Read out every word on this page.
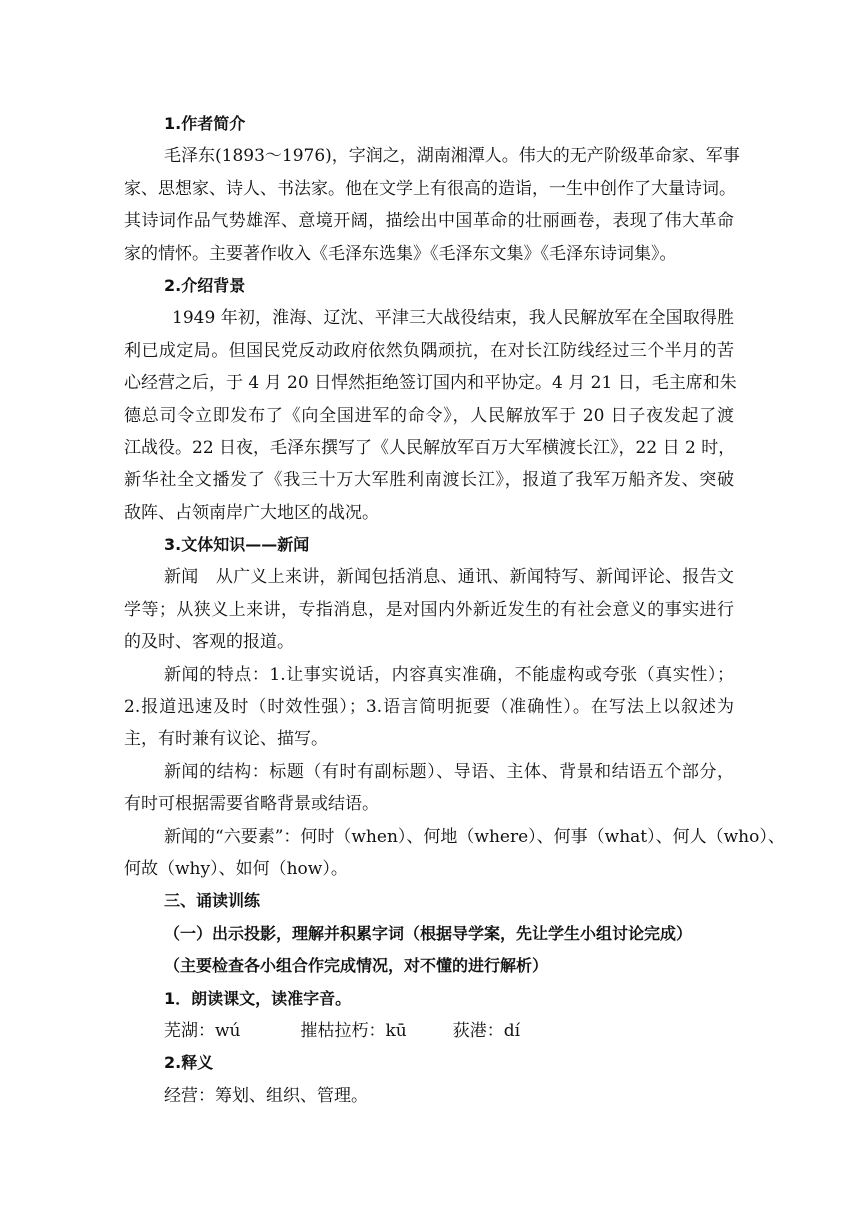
1.作者简介
毛泽东(1893～1976)，字润之，湖南湘潭人。伟大的无产阶级革命家、军事
家、思想家、诗人、书法家。他在文学上有很高的造诣，一生中创作了大量诗词。
其诗词作品气势雄浑、意境开阔，描绘出中国革命的壮丽画卷，表现了伟大革命
家的情怀。主要著作收入《毛泽东选集》《毛泽东文集》《毛泽东诗词集》。
2.介绍背景
1949 年初，淮海、辽沈、平津三大战役结束，我人民解放军在全国取得胜
利已成定局。但国民党反动政府依然负隅顽抗，在对长江防线经过三个半月的苦
心经营之后，于 4 月 20 日悍然拒绝签订国内和平协定。4 月 21 日，毛主席和朱
德总司令立即发布了《向全国进军的命令》，人民解放军于 20 日子夜发起了渡
江战役。22 日夜，毛泽东撰写了《人民解放军百万大军横渡长江》，22 日 2 时，
新华社全文播发了《我三十万大军胜利南渡长江》，报道了我军万船齐发、突破
敌阵、占领南岸广大地区的战况。
3.文体知识——新闻
新闻　从广义上来讲，新闻包括消息、通讯、新闻特写、新闻评论、报告文
学等；从狭义上来讲，专指消息，是对国内外新近发生的有社会意义的事实进行
的及时、客观的报道。
新闻的特点：1.让事实说话，内容真实准确，不能虚构或夸张（真实性）；
2.报道迅速及时（时效性强）；3.语言简明扼要（准确性）。在写法上以叙述为
主，有时兼有议论、描写。
新闻的结构：标题（有时有副标题）、导语、主体、背景和结语五个部分，
有时可根据需要省略背景或结语。
新闻的“六要素”：何时（when）、何地（where）、何事（what）、何人（who）、
何故（why）、如何（how）。
三、诵读训练
（一）出示投影，理解并积累字词（根据导学案，先让学生小组讨论完成）
（主要检查各小组合作完成情况，对不懂的进行解析）
1．朗读课文，读准字音。
芜湖：wú	摧枯拉朽：kū	荻港：dí
2.释义
经营：筹划、组织、管理。
